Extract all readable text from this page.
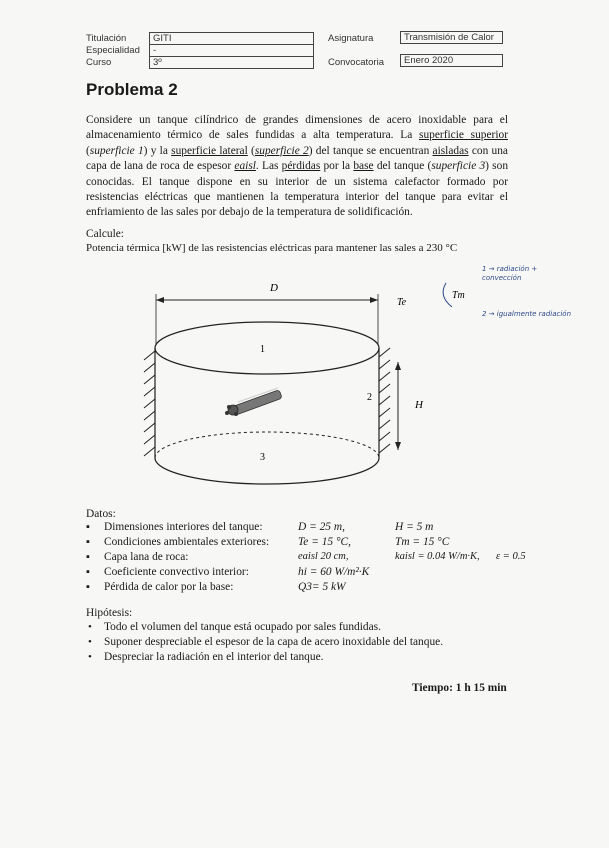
Titulación	GITI
Especialidad	-
Curso	3º
Asignatura	Transmisión de Calor
Convocatoria	Enero 2020
Problema 2
Considere un tanque cilíndrico de grandes dimensiones de acero inoxidable para el almacenamiento térmico de sales fundidas a alta temperatura. La superficie superior (superficie 1) y la superficie lateral (superficie 2) del tanque se encuentran aisladas con una capa de lana de roca de espesor eaisl. Las pérdidas por la base del tanque (superficie 3) son conocidas. El tanque dispone en su interior de un sistema calefactor formado por resistencias eléctricas que mantienen la temperatura interior del tanque para evitar el enfriamiento de las sales por debajo de la temperatura de solidificación.
Calcule:
Potencia térmica [kW] de las resistencias eléctricas para mantener las sales a 230 °C
D
Te
H
1
2
3
Tm
1 → radiación + convección
2 → igualmente radiación
Datos:
▪ Dimensiones interiores del tanque:	D = 25 m,	H = 5 m
▪ Condiciones ambientales exteriores:	Te = 15 °C,	Tm = 15 °C
▪ Capa lana de roca:	eaisl 20 cm,	kaisl = 0.04 W/m·K, ε = 0.5
▪ Coeficiente convectivo interior:	hi = 60 W/m²·K
▪ Pérdida de calor por la base:	Q3= 5 kW
Hipótesis:
• Todo el volumen del tanque está ocupado por sales fundidas.
• Suponer despreciable el espesor de la capa de acero inoxidable del tanque.
• Despreciar la radiación en el interior del tanque.
Tiempo: 1 h 15 min
